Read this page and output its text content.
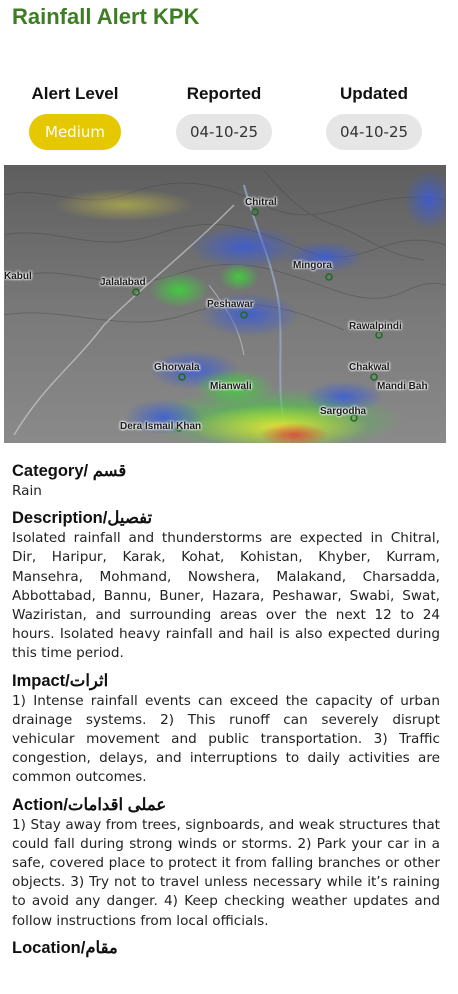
Rainfall Alert KPK
Alert Level
Medium
Reported
04-10-25
Updated
04-10-25
Chitral
Mingora
Jalalabad
Peshawar
Rawalpindi
Ghorwala	Chakwal
Mianwali	Mandi Bah
Dera Ismail Khan
Sargodha
Kabul
Category/ قسم

Rain

Description/تفصیل

Isolated rainfall and thunderstorms are expected in Chitral, Dir, Haripur, Karak, Kohat, Kohistan, Khyber, Kurram, Mansehra, Mohmand, Nowshera, Malakand, Charsadda, Abbottabad, Bannu, Buner, Hazara, Peshawar, Swabi, Swat, Waziristan, and surrounding areas over the next 12 to 24 hours. Isolated heavy rainfall and hail is also expected during this time period.

Impact/اثرات

1) Intense rainfall events can exceed the capacity of urban drainage systems. 2) This runoff can severely disrupt vehicular movement and public transportation. 3) Traffic congestion, delays, and interruptions to daily activities are common outcomes.

Action/عملی اقدامات

1) Stay away from trees, signboards, and weak structures that could fall during strong winds or storms. 2) Park your car in a safe, covered place to protect it from falling branches or other objects. 3) Try not to travel unless necessary while it’s raining to avoid any danger. 4) Keep checking weather updates and follow instructions from local officials.

Location/مقام
